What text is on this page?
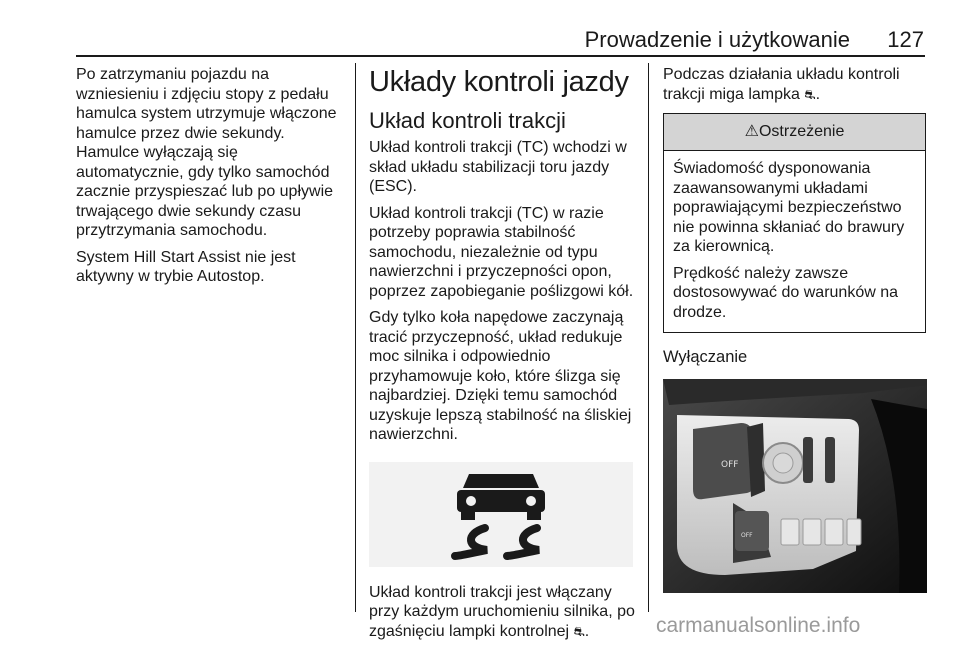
Prowadzenie i użytkowanie 127

Po zatrzymaniu pojazdu na wzniesieniu i zdjęciu stopy z pedału hamulca system utrzymuje włączone hamulce przez dwie sekundy. Hamulce wyłączają się automatycznie, gdy tylko samochód zacznie przyspieszać lub po upływie trwającego dwie sekundy czasu przytrzymania samochodu.

System Hill Start Assist nie jest aktywny w trybie Autostop.

Układy kontroli jazdy
Układ kontroli trakcji

Układ kontroli trakcji (TC) wchodzi w skład układu stabilizacji toru jazdy (ESC).

Układ kontroli trakcji (TC) w razie potrzeby poprawia stabilność samochodu, niezależnie od typu nawierzchni i przyczepności opon, poprzez zapobieganie poślizgowi kół.

Gdy tylko koła napędowe zaczynają tracić przyczepność, układ redukuje moc silnika i odpowiednio przyhamowuje koło, które ślizga się najbardziej. Dzięki temu samochód uzyskuje lepszą stabilność na śliskiej nawierzchni.

Układ kontroli trakcji jest włączany przy każdym uruchomieniu silnika, po zgaśnięciu lampki kontrolnej ⛐.

Podczas działania układu kontroli trakcji miga lampka ⛐.

⚠Ostrzeżenie

Świadomość dysponowania zaawansowanymi układami poprawiającymi bezpieczeństwo nie powinna skłaniać do brawury za kierownicą.

Prędkość należy zawsze dostosowywać do warunków na drodze.

Wyłączanie
OFF
OFF
carmanualsonline.info
